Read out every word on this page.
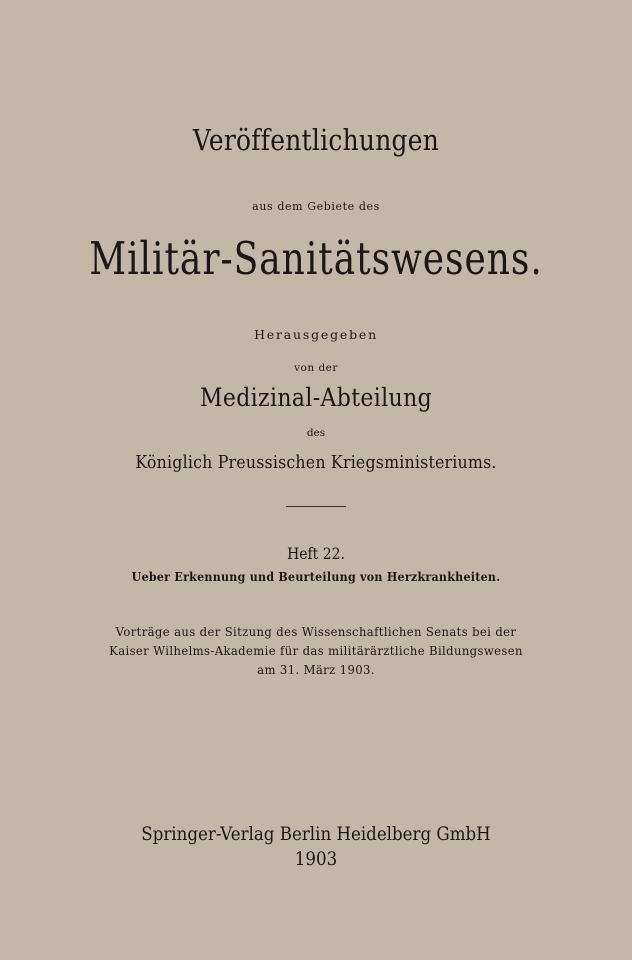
Veröffentlichungen
aus dem Gebiete des
Militär-Sanitätswesens.
Herausgegeben
von der
Medizinal-Abteilung
des
Königlich Preussischen Kriegsministeriums.
Heft 22.
Ueber Erkennung und Beurteilung von Herzkrankheiten.
Vorträge aus der Sitzung des Wissenschaftlichen Senats bei der
Kaiser Wilhelms-Akademie für das militärärztliche Bildungswesen
am 31. März 1903.
Springer-Verlag Berlin Heidelberg GmbH
1903
